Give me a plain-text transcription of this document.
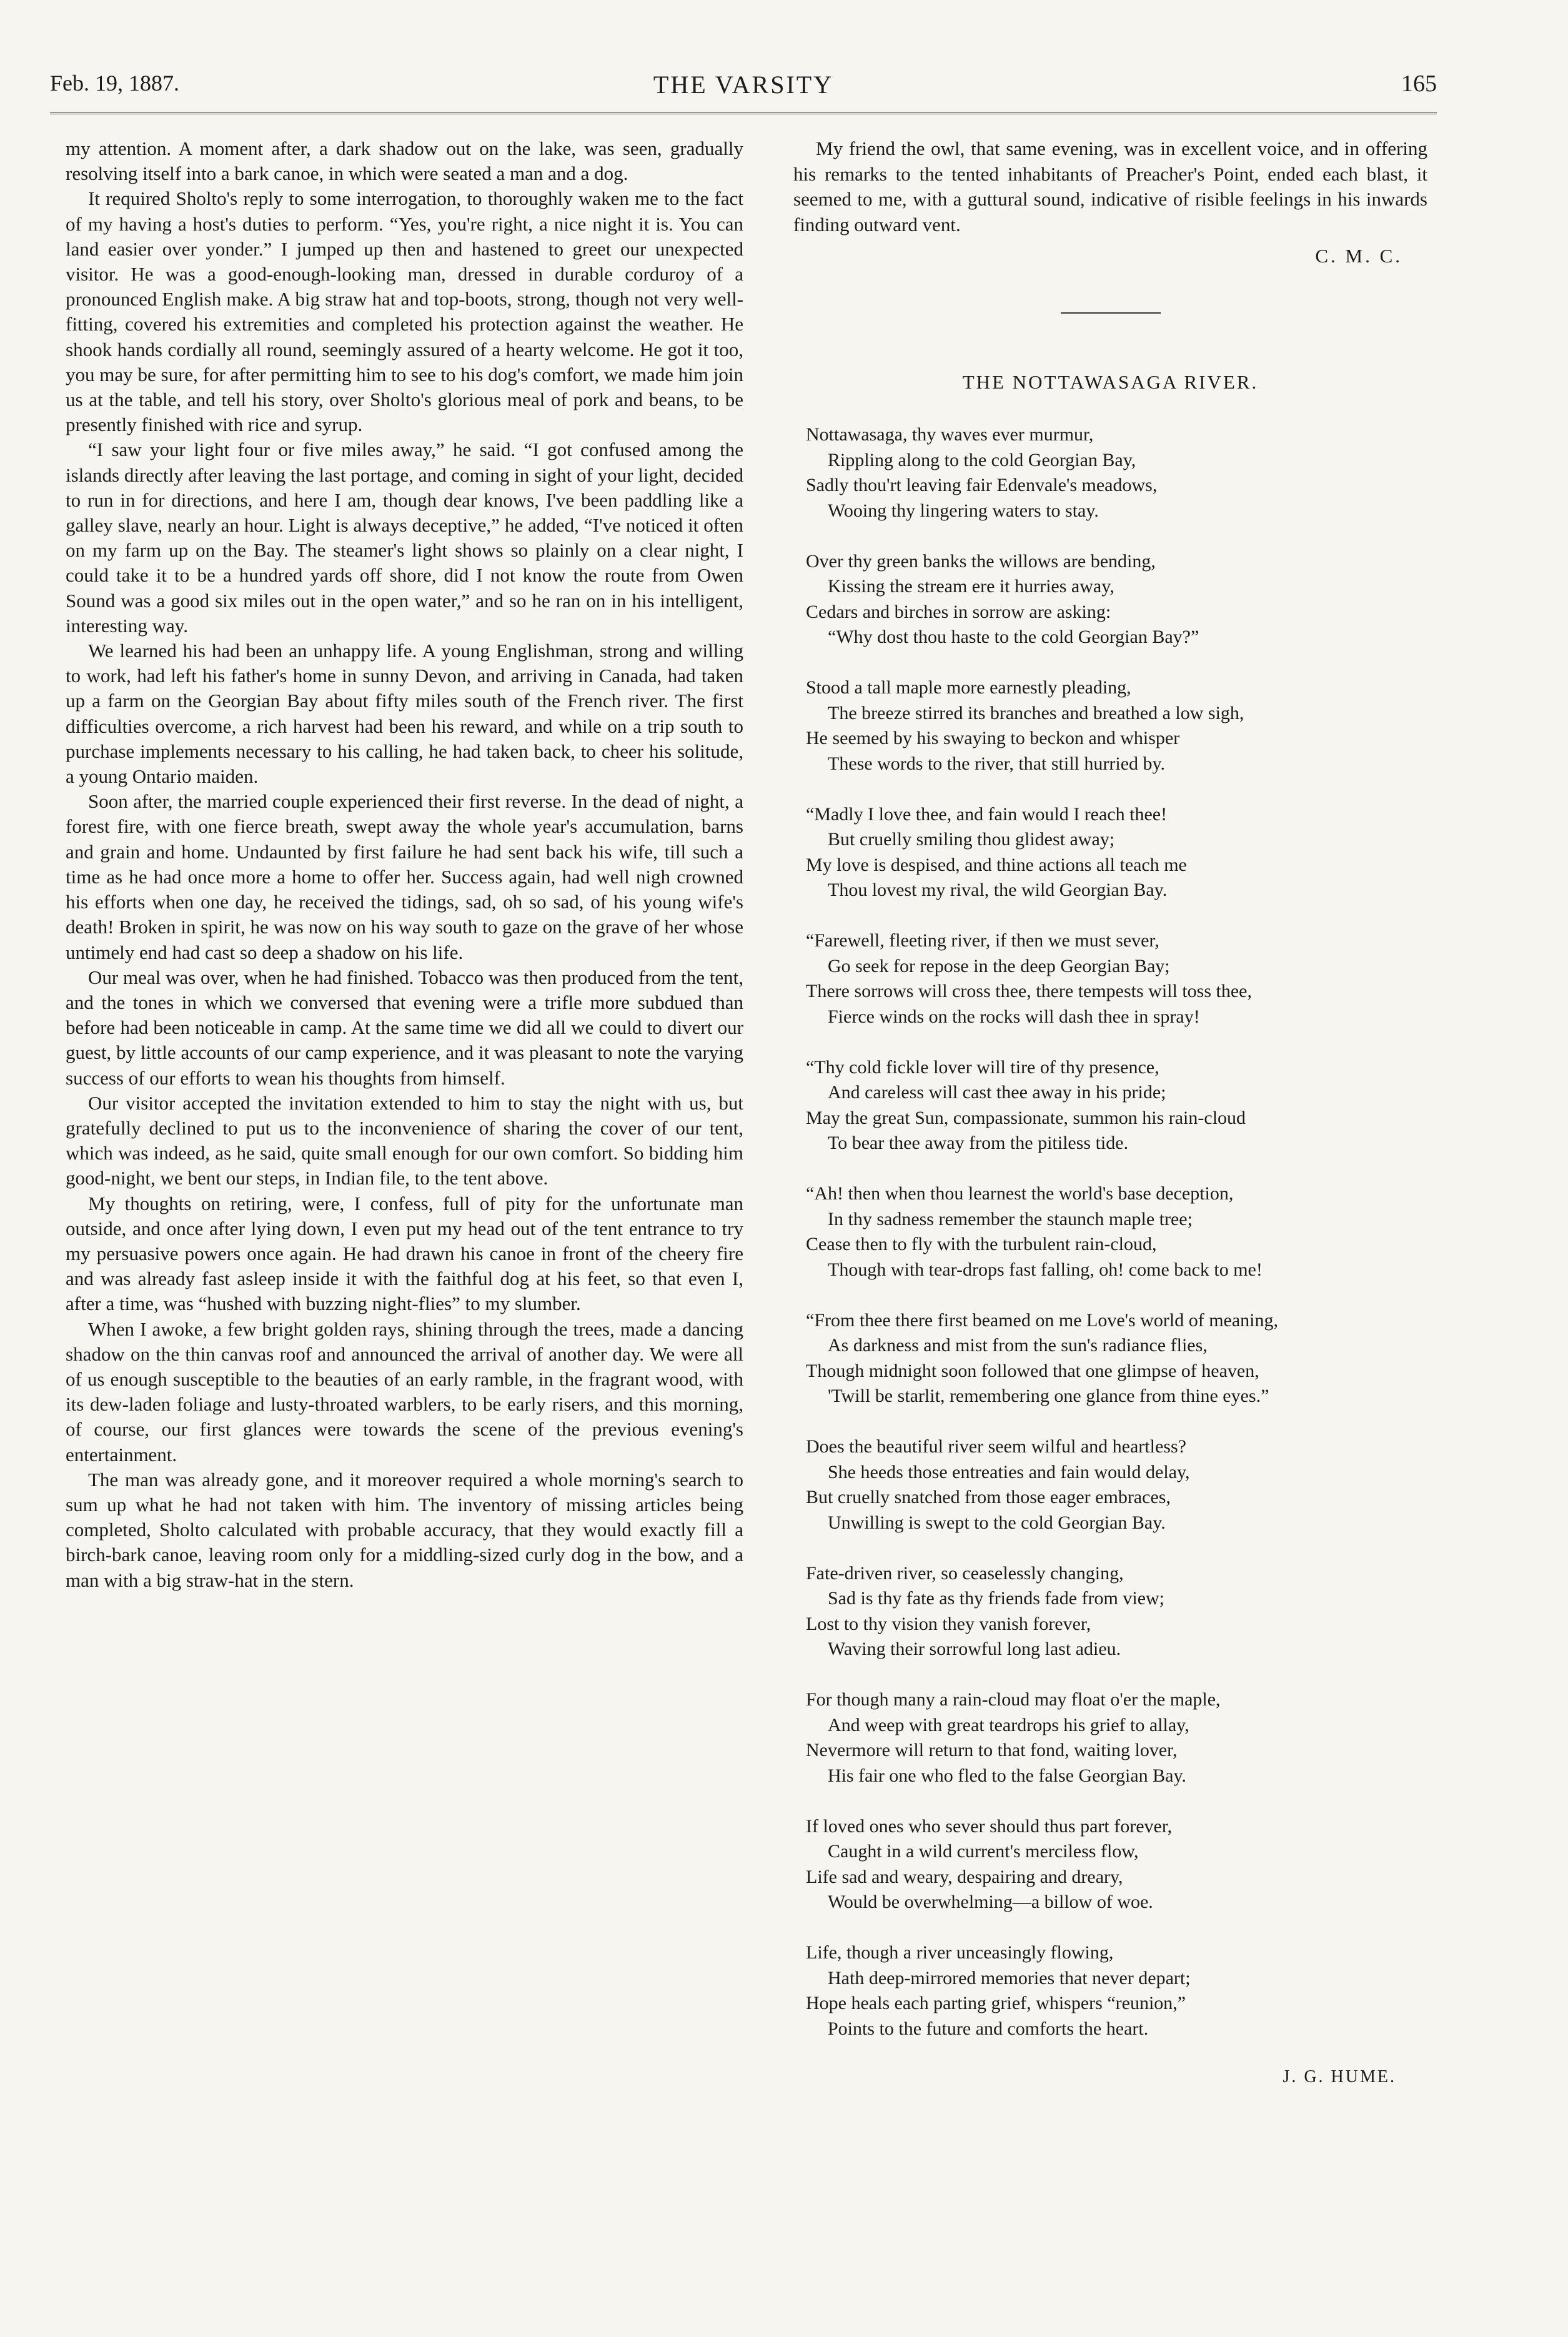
Feb. 19, 1887.	THE VARSITY	165

my attention. A moment after, a dark shadow out on the lake, was seen, gradually resolving itself into a bark canoe, in which were seated a man and a dog.

It required Sholto's reply to some interrogation, to thoroughly waken me to the fact of my having a host's duties to perform. “Yes, you're right, a nice night it is. You can land easier over yonder.” I jumped up then and hastened to greet our unexpected visitor. He was a good-enough-looking man, dressed in durable corduroy of a pronounced English make. A big straw hat and top-boots, strong, though not very well-fitting, covered his extremities and completed his protection against the weather. He shook hands cordially all round, seemingly assured of a hearty welcome. He got it too, you may be sure, for after permitting him to see to his dog's comfort, we made him join us at the table, and tell his story, over Sholto's glorious meal of pork and beans, to be presently finished with rice and syrup.

“I saw your light four or five miles away,” he said. “I got confused among the islands directly after leaving the last portage, and coming in sight of your light, decided to run in for directions, and here I am, though dear knows, I've been paddling like a galley slave, nearly an hour. Light is always deceptive,” he added, “I've noticed it often on my farm up on the Bay. The steamer's light shows so plainly on a clear night, I could take it to be a hundred yards off shore, did I not know the route from Owen Sound was a good six miles out in the open water,” and so he ran on in his intelligent, interesting way.

We learned his had been an unhappy life. A young Englishman, strong and willing to work, had left his father's home in sunny Devon, and arriving in Canada, had taken up a farm on the Georgian Bay about fifty miles south of the French river. The first difficulties overcome, a rich harvest had been his reward, and while on a trip south to purchase implements necessary to his calling, he had taken back, to cheer his solitude, a young Ontario maiden.

Soon after, the married couple experienced their first reverse. In the dead of night, a forest fire, with one fierce breath, swept away the whole year's accumulation, barns and grain and home. Undaunted by first failure he had sent back his wife, till such a time as he had once more a home to offer her. Success again, had well nigh crowned his efforts when one day, he received the tidings, sad, oh so sad, of his young wife's death! Broken in spirit, he was now on his way south to gaze on the grave of her whose untimely end had cast so deep a shadow on his life.

Our meal was over, when he had finished. Tobacco was then produced from the tent, and the tones in which we conversed that evening were a trifle more subdued than before had been noticeable in camp. At the same time we did all we could to divert our guest, by little accounts of our camp experience, and it was pleasant to note the varying success of our efforts to wean his thoughts from himself.

Our visitor accepted the invitation extended to him to stay the night with us, but gratefully declined to put us to the inconvenience of sharing the cover of our tent, which was indeed, as he said, quite small enough for our own comfort. So bidding him good-night, we bent our steps, in Indian file, to the tent above.

My thoughts on retiring, were, I confess, full of pity for the unfortunate man outside, and once after lying down, I even put my head out of the tent entrance to try my persuasive powers once again. He had drawn his canoe in front of the cheery fire and was already fast asleep inside it with the faithful dog at his feet, so that even I, after a time, was “hushed with buzzing night-flies” to my slumber.

When I awoke, a few bright golden rays, shining through the trees, made a dancing shadow on the thin canvas roof and announced the arrival of another day. We were all of us enough susceptible to the beauties of an early ramble, in the fragrant wood, with its dew-laden foliage and lusty-throated warblers, to be early risers, and this morning, of course, our first glances were towards the scene of the previous evening's entertainment.

The man was already gone, and it moreover required a whole morning's search to sum up what he had not taken with him. The inventory of missing articles being completed, Sholto calculated with probable accuracy, that they would exactly fill a birch-bark canoe, leaving room only for a middling-sized curly dog in the bow, and a man with a big straw-hat in the stern.

My friend the owl, that same evening, was in excellent voice, and in offering his remarks to the tented inhabitants of Preacher's Point, ended each blast, it seemed to me, with a guttural sound, indicative of risible feelings in his inwards finding outward vent.

C. M. C.
THE NOTTAWASAGA RIVER.
Nottawasaga, thy waves ever murmur,
Rippling along to the cold Georgian Bay,
Sadly thou'rt leaving fair Edenvale's meadows,
Wooing thy lingering waters to stay.
Over thy green banks the willows are bending,
Kissing the stream ere it hurries away,
Cedars and birches in sorrow are asking:
“Why dost thou haste to the cold Georgian Bay?”
Stood a tall maple more earnestly pleading,
The breeze stirred its branches and breathed a low sigh,
He seemed by his swaying to beckon and whisper
These words to the river, that still hurried by.
“Madly I love thee, and fain would I reach thee!
But cruelly smiling thou glidest away;
My love is despised, and thine actions all teach me
Thou lovest my rival, the wild Georgian Bay.
“Farewell, fleeting river, if then we must sever,
Go seek for repose in the deep Georgian Bay;
There sorrows will cross thee, there tempests will toss thee,
Fierce winds on the rocks will dash thee in spray!
“Thy cold fickle lover will tire of thy presence,
And careless will cast thee away in his pride;
May the great Sun, compassionate, summon his rain-cloud
To bear thee away from the pitiless tide.
“Ah! then when thou learnest the world's base deception,
In thy sadness remember the staunch maple tree;
Cease then to fly with the turbulent rain-cloud,
Though with tear-drops fast falling, oh! come back to me!
“From thee there first beamed on me Love's world of meaning,
As darkness and mist from the sun's radiance flies,
Though midnight soon followed that one glimpse of heaven,
'Twill be starlit, remembering one glance from thine eyes.”
Does the beautiful river seem wilful and heartless?
She heeds those entreaties and fain would delay,
But cruelly snatched from those eager embraces,
Unwilling is swept to the cold Georgian Bay.
Fate-driven river, so ceaselessly changing,
Sad is thy fate as thy friends fade from view;
Lost to thy vision they vanish forever,
Waving their sorrowful long last adieu.
For though many a rain-cloud may float o'er the maple,
And weep with great teardrops his grief to allay,
Nevermore will return to that fond, waiting lover,
His fair one who fled to the false Georgian Bay.
If loved ones who sever should thus part forever,
Caught in a wild current's merciless flow,
Life sad and weary, despairing and dreary,
Would be overwhelming—a billow of woe.
Life, though a river unceasingly flowing,
Hath deep-mirrored memories that never depart;
Hope heals each parting grief, whispers “reunion,”
Points to the future and comforts the heart.
J. G. HUME.
